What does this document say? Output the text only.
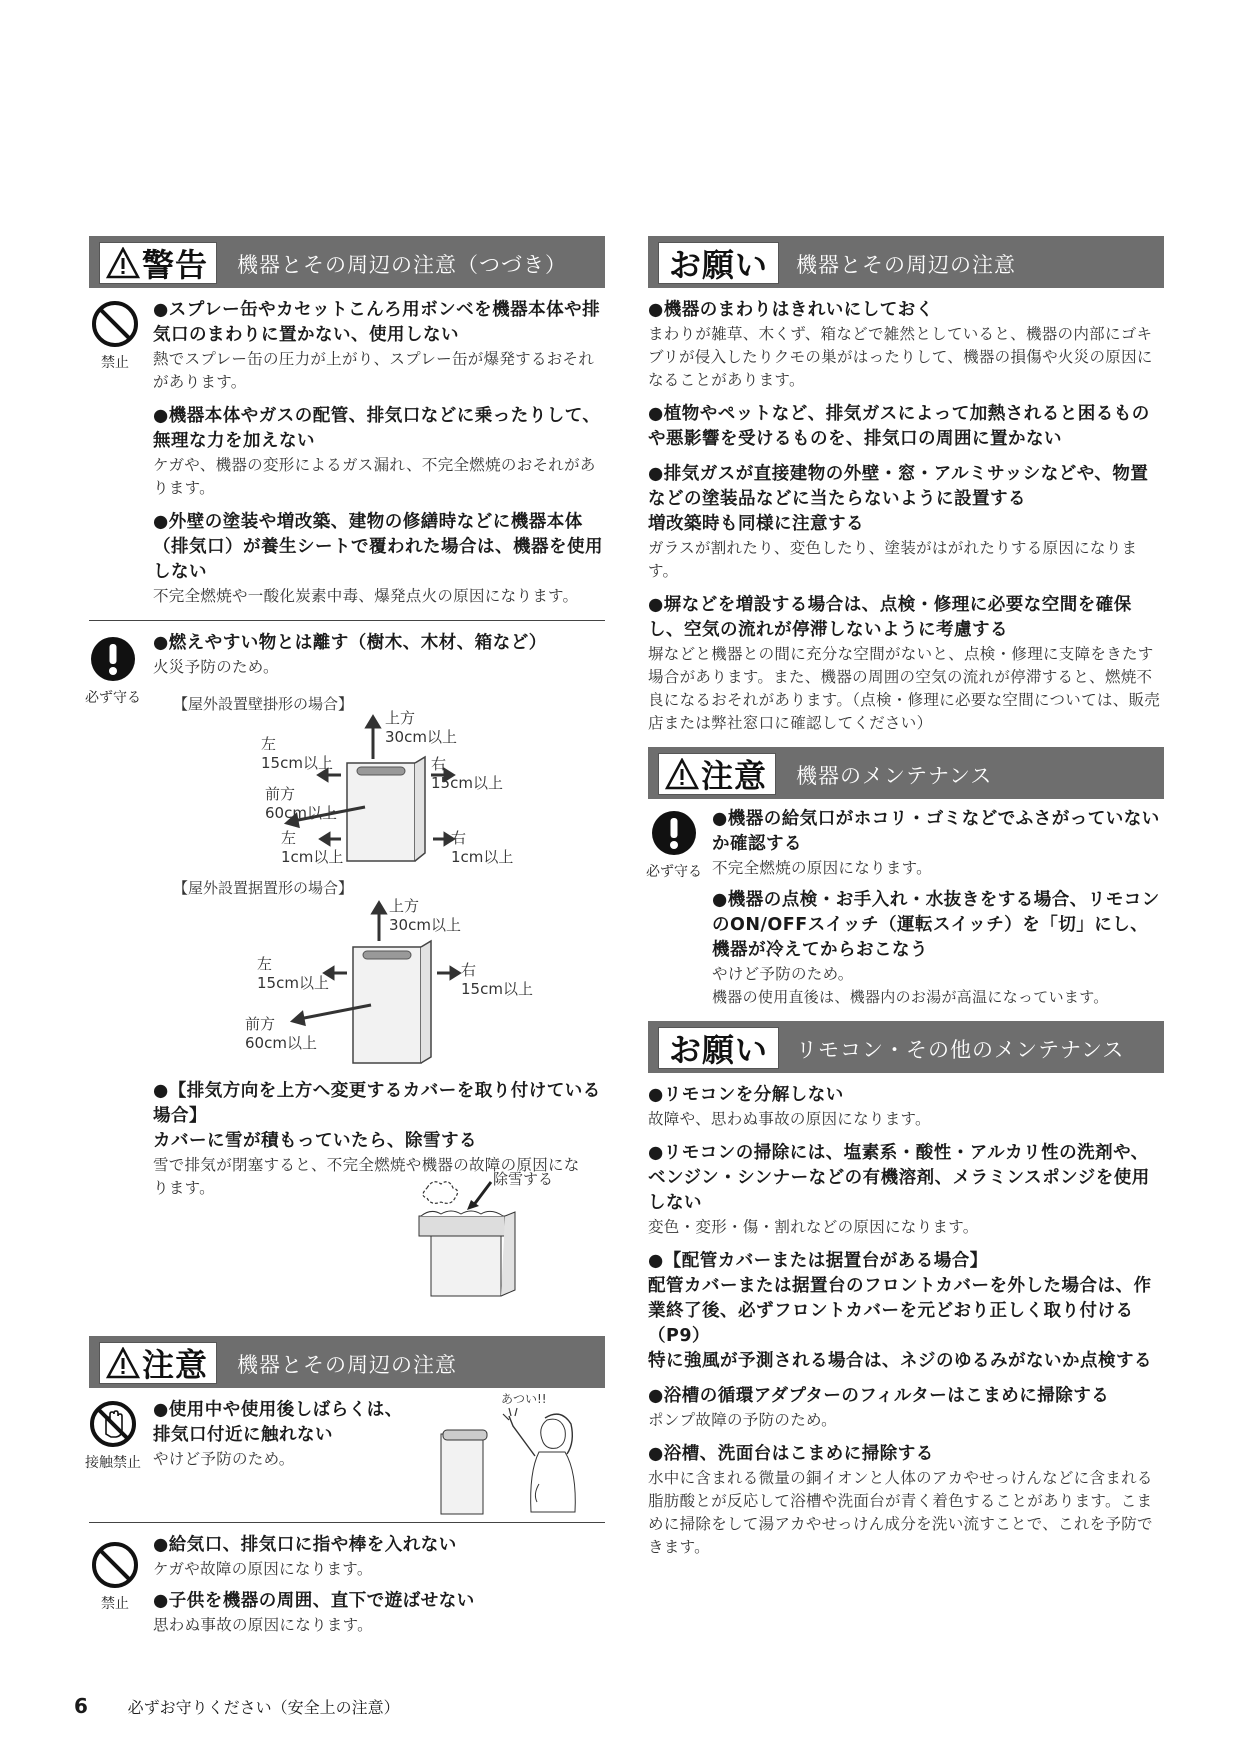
警告 機器とその周辺の注意（つづき）
禁止
●スプレー缶やカセットこんろ用ボンベを機器本体や排気口のまわりに置かない、使用しない
熱でスプレー缶の圧力が上がり、スプレー缶が爆発するおそれがあります。
●機器本体やガスの配管、排気口などに乗ったりして、無理な力を加えない
ケガや、機器の変形によるガス漏れ、不完全燃焼のおそれがあります。
●外壁の塗装や増改築、建物の修繕時などに機器本体（排気口）が養生シートで覆われた場合は、機器を使用しない
不完全燃焼や一酸化炭素中毒、爆発点火の原因になります。
必ず守る
●燃えやすい物とは離す（樹木、木材、箱など）
火災予防のため。
【屋外設置壁掛形の場合】
上方
30cm以上
左
15cm以上	右
15cm以上
前方
60cm以上
左
1cm以上
右
1cm以上
【屋外設置据置形の場合】
上方
30cm以上
左
15cm以上
右
15cm以上
前方
60cm以上
●【排気方向を上方へ変更するカバーを取り付けている場合】
カバーに雪が積もっていたら、除雪する
雪で排気が閉塞すると、不完全燃焼や機器の故障の原因になります。	除雪する
注意 機器とその周辺の注意
接触禁止
●使用中や使用後しばらくは、排気口付近に触れない
やけど予防のため。
あつい!!
禁止
●給気口、排気口に指や棒を入れない
ケガや故障の原因になります。
●子供を機器の周囲、直下で遊ばせない
思わぬ事故の原因になります。
お願い 機器とその周辺の注意
●機器のまわりはきれいにしておく
まわりが雑草、木くず、箱などで雑然としていると、機器の内部にゴキブリが侵入したりクモの巣がはったりして、機器の損傷や火災の原因になることがあります。
●植物やペットなど、排気ガスによって加熱されると困るものや悪影響を受けるものを、排気口の周囲に置かない
●排気ガスが直接建物の外壁・窓・アルミサッシなどや、物置などの塗装品などに当たらないように設置する
増改築時も同様に注意する
ガラスが割れたり、変色したり、塗装がはがれたりする原因になります。
●塀などを増設する場合は、点検・修理に必要な空間を確保し、空気の流れが停滞しないように考慮する
塀などと機器との間に充分な空間がないと、点検・修理に支障をきたす場合があります。また、機器の周囲の空気の流れが停滞すると、燃焼不良になるおそれがあります。（点検・修理に必要な空間については、販売店または弊社窓口に確認してください）
注意 機器のメンテナンス
必ず守る
●機器の給気口がホコリ・ゴミなどでふさがっていないか確認する
不完全燃焼の原因になります。
●機器の点検・お手入れ・水抜きをする場合、リモコンのON/OFFスイッチ（運転スイッチ）を「切」にし、機器が冷えてからおこなう
やけど予防のため。
機器の使用直後は、機器内のお湯が高温になっています。
お願い リモコン・その他のメンテナンス
●リモコンを分解しない
故障や、思わぬ事故の原因になります。
●リモコンの掃除には、塩素系・酸性・アルカリ性の洗剤や、ベンジン・シンナーなどの有機溶剤、メラミンスポンジを使用しない
変色・変形・傷・割れなどの原因になります。
●【配管カバーまたは据置台がある場合】
配管カバーまたは据置台のフロントカバーを外した場合は、作業終了後、必ずフロントカバーを元どおり正しく取り付ける（P9）
特に強風が予測される場合は、ネジのゆるみがないか点検する
●浴槽の循環アダプターのフィルターはこまめに掃除する
ポンプ故障の予防のため。
●浴槽、洗面台はこまめに掃除する
水中に含まれる微量の銅イオンと人体のアカやせっけんなどに含まれる脂肪酸とが反応して浴槽や洗面台が青く着色することがあります。こまめに掃除をして湯アカやせっけん成分を洗い流すことで、これを予防できます。
6 必ずお守りください（安全上の注意）
